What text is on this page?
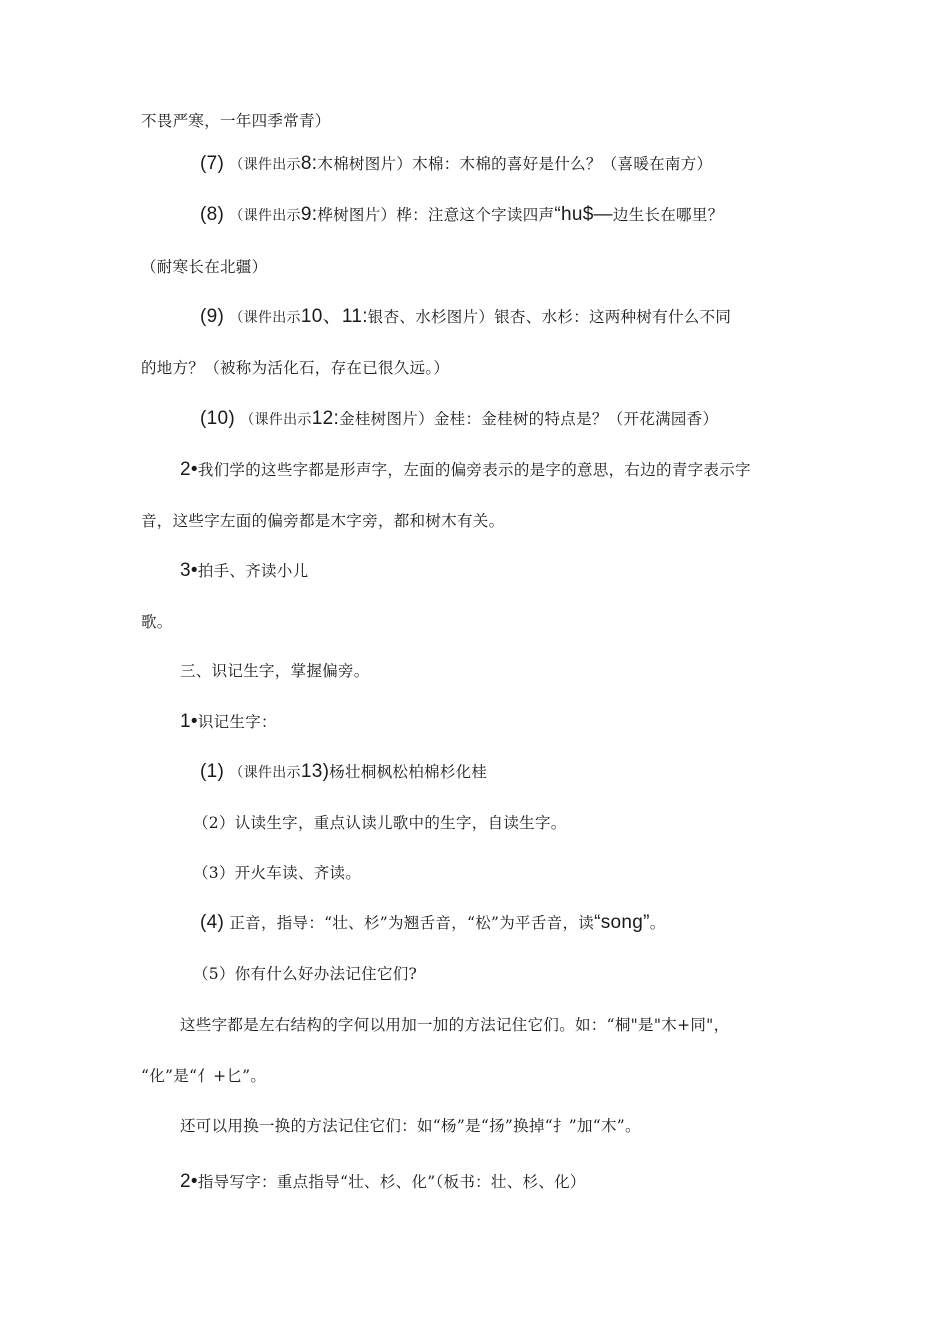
不畏严寒，一年四季常青）
(7) （课件出示8:木棉树图片）木棉：木棉的喜好是什么？（喜暖在南方）
(8) （课件出示9:桦树图片）桦：注意这个字读四声“hu$—边生长在哪里？
（耐寒长在北疆）
(9) （课件出示10、11:银杏、水杉图片）银杏、水杉：这两种树有什么不同
的地方？（被称为活化石，存在已很久远。）
(10) （课件出示12:金桂树图片）金桂：金桂树的特点是？（开花满园香）
2•我们学的这些字都是形声字，左面的偏旁表示的是字的意思，右边的青字表示字
音，这些字左面的偏旁都是木字旁，都和树木有关。
3•拍手、齐读小儿
歌。
三、识记生字，掌握偏旁。
1•识记生字：
(1) （课件出示13)杨壮桐枫松柏棉杉化桂
（2）认读生字，重点认读儿歌中的生字，自读生字。
（3）开火车读、齐读。
(4) 正音，指导：“壮、杉”为翘舌音，“松”为平舌音，读“song”。
（5）你有什么好办法记住它们?
这些字都是左右结构的字何以用加一加的方法记住它们。如：“桐"是"木+同"，
“化”是“亻+匕”。
还可以用换一换的方法记住它们：如“杨”是“扬”换掉“扌”加“木”。
2•指导写字：重点指导“壮、杉、化”（板书：壮、杉、化）
